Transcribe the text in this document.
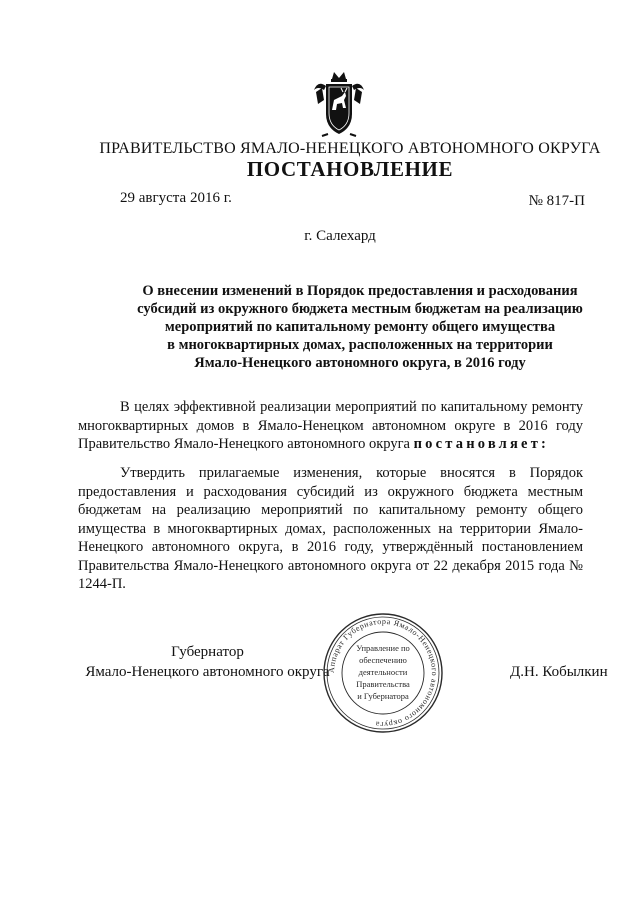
ПРАВИТЕЛЬСТВО ЯМАЛО-НЕНЕЦКОГО АВТОНОМНОГО ОКРУГА
ПОСТАНОВЛЕНИЕ
29 августа 2016 г.	№ 817-П
г. Салехард
О внесении изменений в Порядок предоставления и расходования
субсидий из окружного бюджета местным бюджетам на реализацию
мероприятий по капитальному ремонту общего имущества
в многоквартирных домах, расположенных на территории
Ямало-Ненецкого автономного округа, в 2016 году
В целях эффективной реализации мероприятий по капитальному ремонту многоквартирных домов в Ямало-Ненецком автономном округе в 2016 году Правительство Ямало-Ненецкого автономного округа постановляет:
Утвердить прилагаемые изменения, которые вносятся в Порядок предоставления и расходования субсидий из окружного бюджета местным бюджетам на реализацию мероприятий по капитальному ремонту общего имущества в многоквартирных домах, расположенных на территории Ямало-Ненецкого автономного округа, в 2016 году, утверждённый постановлением Правительства Ямало-Ненецкого автономного округа от 22 декабря 2015 года № 1244-П.
Губернатор
Ямало-Ненецкого автономного округа
Аппарат Губернатора Ямало-Ненецкого автономного округа
Управление по
обеспечению
деятельности
Правительства
и Губернатора
Д.Н. Кобылкин
